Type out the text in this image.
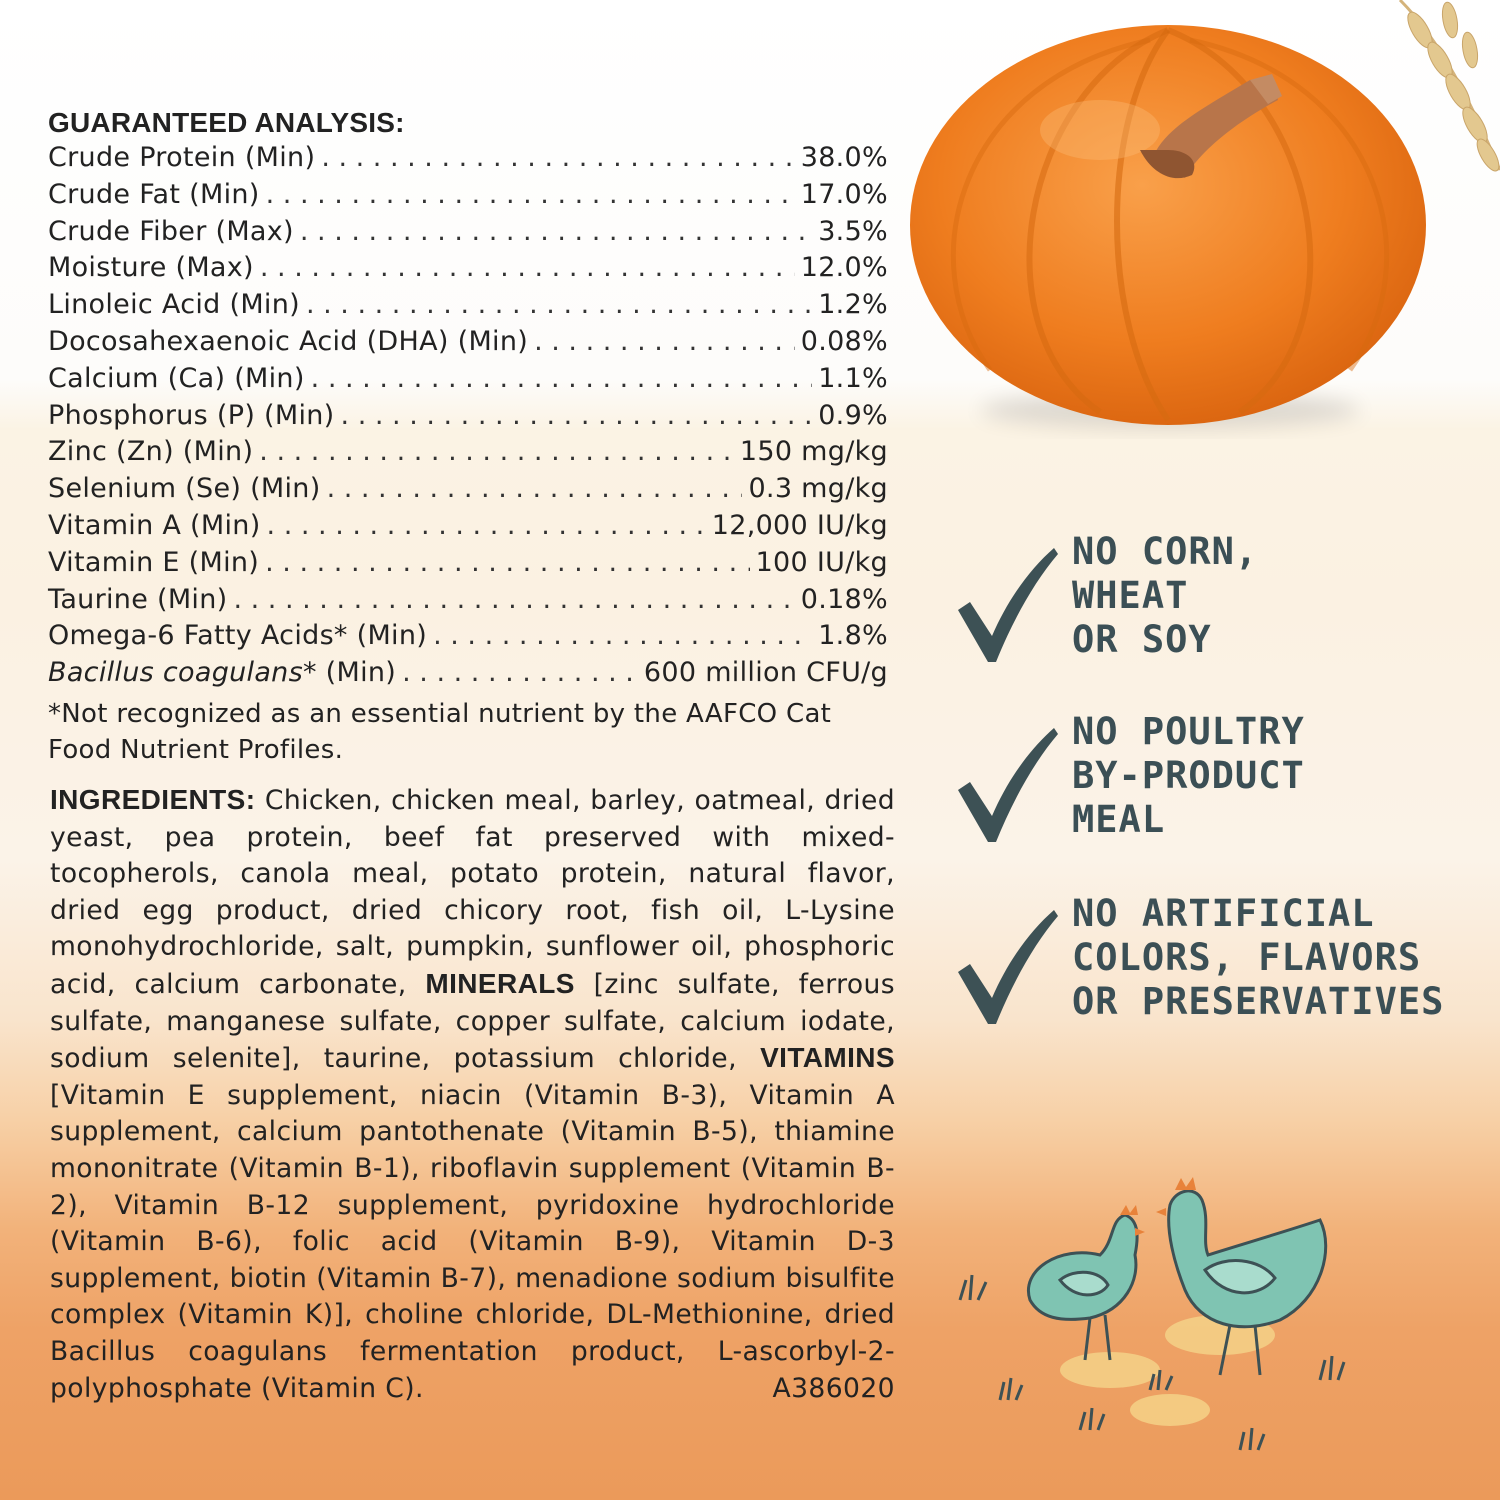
GUARANTEED ANALYSIS:
Crude Protein (Min) . . .	38.0%
Crude Fat (Min) . . .	17.0%
Crude Fiber (Max) . . .	3.5%
Moisture (Max) . . .	12.0%
Linoleic Acid (Min) . . .	1.2%
Docosahexaenoic Acid (DHA) (Min) . . .	0.08%
Calcium (Ca) (Min) . . .	1.1%
Phosphorus (P) (Min) . . .	0.9%
Zinc (Zn) (Min) . . .	150 mg/kg
Selenium (Se) (Min) . . .	0.3 mg/kg
Vitamin A (Min) . . .	12,000 IU/kg
Vitamin E (Min) . . .	100 IU/kg
Taurine (Min) . . .	0.18%
Omega-6 Fatty Acids* (Min) . . .	1.8%
Bacillus coagulans* (Min) . . .	600 million CFU/g
*Not recognized as an essential nutrient by the AAFCO Cat Food Nutrient Profiles.
INGREDIENTS: Chicken, chicken meal, barley, oatmeal, dried yeast, pea protein, beef fat preserved with mixed-tocopherols, canola meal, potato protein, natural flavor, dried egg product, dried chicory root, fish oil, L-Lysine monohydrochloride, salt, pumpkin, sunflower oil, phosphoric acid, calcium carbonate, MINERALS [zinc sulfate, ferrous sulfate, manganese sulfate, copper sulfate, calcium iodate, sodium selenite], taurine, potassium chloride, VITAMINS [Vitamin E supplement, niacin (Vitamin B-3), Vitamin A supplement, calcium pantothenate (Vitamin B-5), thiamine mononitrate (Vitamin B-1), riboflavin supplement (Vitamin B-2), Vitamin B-12 supplement, pyridoxine hydrochloride (Vitamin B-6), folic acid (Vitamin B-9), Vitamin D-3 supplement, biotin (Vitamin B-7), menadione sodium bisulfite complex (Vitamin K)], choline chloride, DL-Methionine, dried Bacillus coagulans fermentation product, L-ascorbyl-2-polyphosphate (Vitamin C).	A386020
NO CORN,
WHEAT
OR SOY
NO POULTRY
BY-PRODUCT
MEAL
NO ARTIFICIAL
COLORS, FLAVORS
OR PRESERVATIVES
